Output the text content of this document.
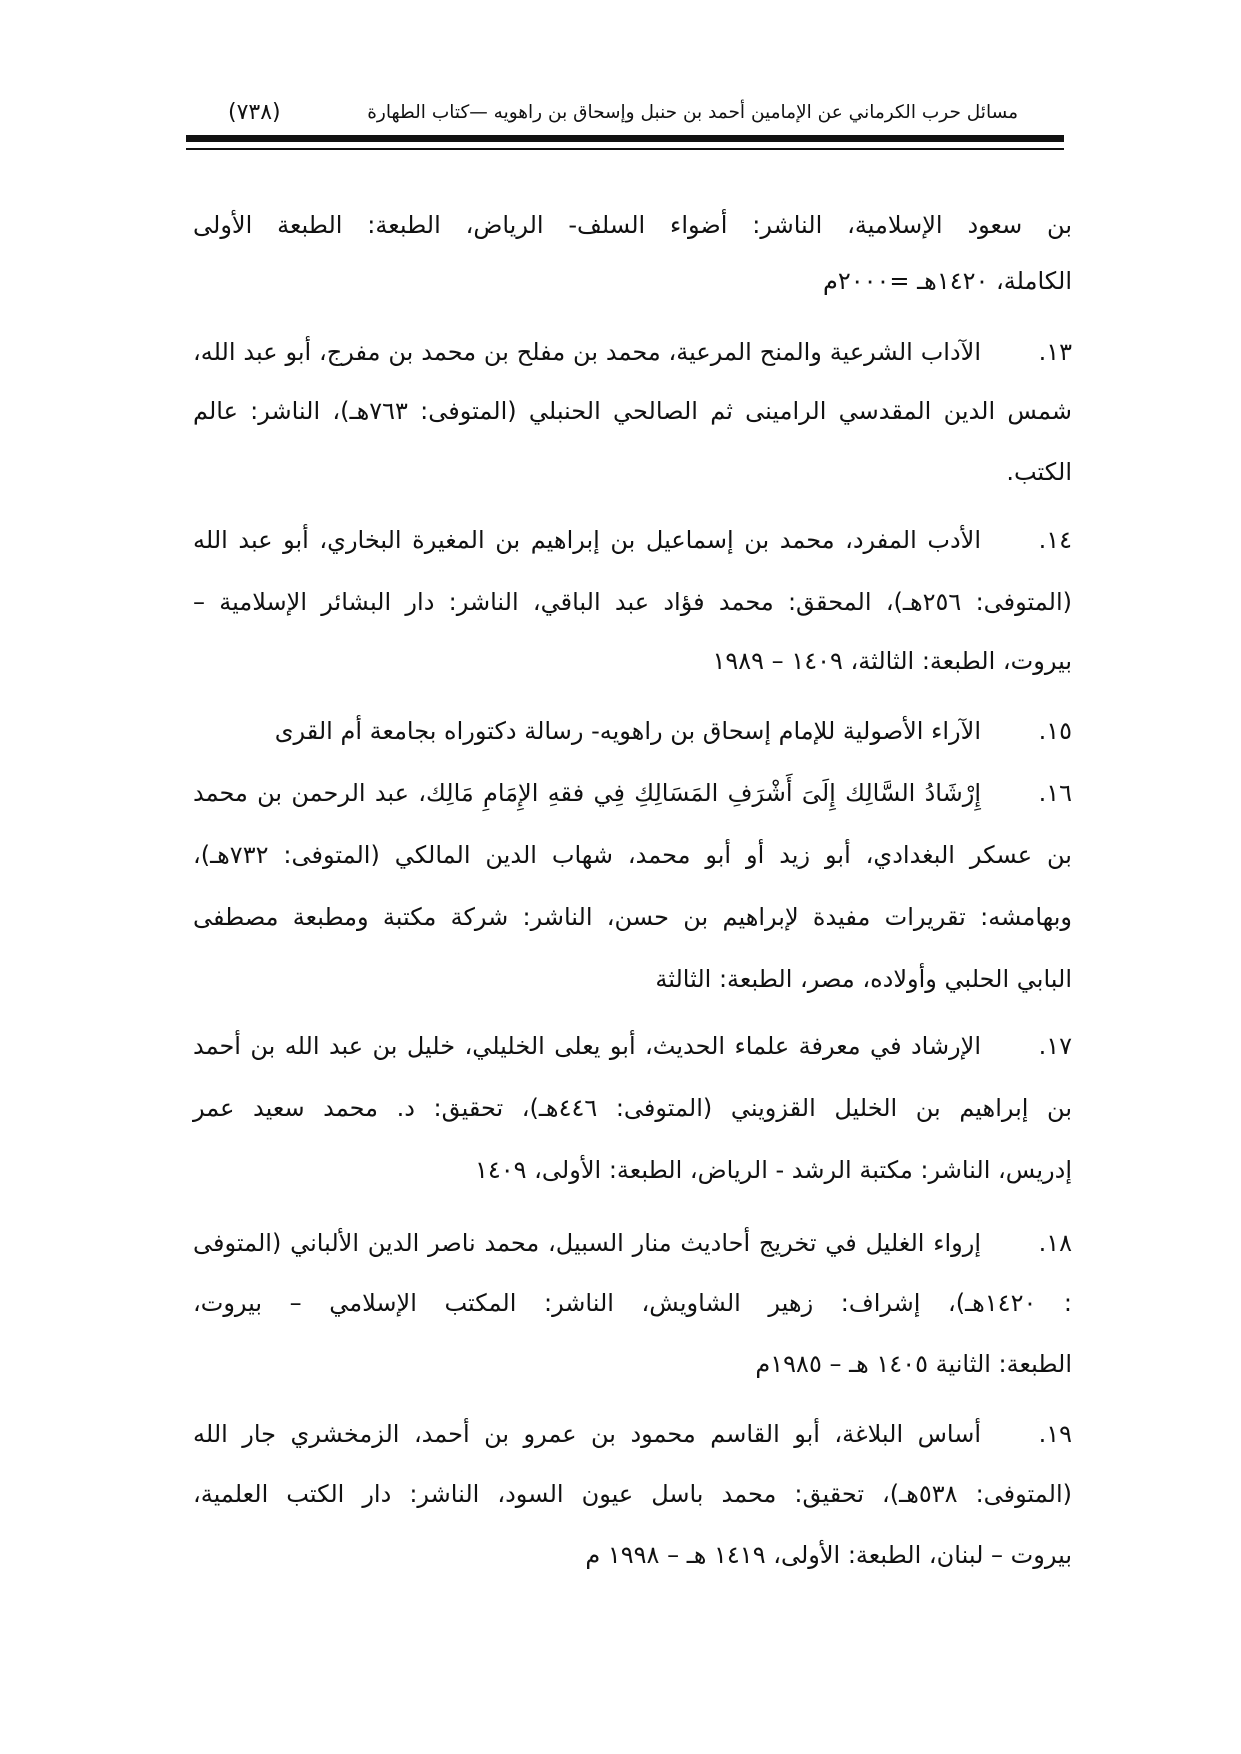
مسائل حرب الكرماني عن الإمامين أحمد بن حنبل وإسحاق بن راهويه —كتاب الطهارة
(٧٣٨)
بن سعود الإسلامية، الناشر: أضواء السلف- الرياض، الطبعة: الطبعة الأولى
الكاملة، ١٤٢٠هـ =٢٠٠٠م
١٣.
الآداب الشرعية والمنح المرعية، محمد بن مفلح بن محمد بن مفرج، أبو عبد الله،
شمس الدين المقدسي الرامينى ثم الصالحي الحنبلي (المتوفى: ٧٦٣هـ)، الناشر: عالم
الكتب.
١٤.
الأدب المفرد، محمد بن إسماعيل بن إبراهيم بن المغيرة البخاري، أبو عبد الله
(المتوفى: ٢٥٦هـ)، المحقق: محمد فؤاد عبد الباقي، الناشر: دار البشائر الإسلامية –
بيروت، الطبعة: الثالثة، ١٤٠٩ – ١٩٨٩
١٥.
الآراء الأصولية للإمام إسحاق بن راهويه- رسالة دكتوراه بجامعة أم القرى
١٦.
إِرْشَادُ السَّالِك إِلَىَ أَشْرَفِ المَسَالِكِ فِي فقهِ الإِمَامِ مَالِك، عبد الرحمن بن محمد
بن عسكر البغدادي، أبو زيد أو أبو محمد، شهاب الدين المالكي (المتوفى: ٧٣٢هـ)،
وبهامشه: تقريرات مفيدة لإبراهيم بن حسن، الناشر: شركة مكتبة ومطبعة مصطفى
البابي الحلبي وأولاده، مصر، الطبعة: الثالثة
١٧.
الإرشاد في معرفة علماء الحديث، أبو يعلى الخليلي، خليل بن عبد الله بن أحمد
بن إبراهيم بن الخليل القزويني (المتوفى: ٤٤٦هـ)، تحقيق: د. محمد سعيد عمر
إدريس، الناشر: مكتبة الرشد - الرياض، الطبعة: الأولى، ١٤٠٩
١٨.
إرواء الغليل في تخريج أحاديث منار السبيل، محمد ناصر الدين الألباني (المتوفى
: ١٤٢٠هـ)، إشراف: زهير الشاويش، الناشر: المكتب الإسلامي – بيروت،
الطبعة: الثانية ١٤٠٥ هـ – ١٩٨٥م
١٩.
أساس البلاغة، أبو القاسم محمود بن عمرو بن أحمد، الزمخشري جار الله
(المتوفى: ٥٣٨هـ)، تحقيق: محمد باسل عيون السود، الناشر: دار الكتب العلمية،
بيروت – لبنان، الطبعة: الأولى، ١٤١٩ هـ – ١٩٩٨ م
